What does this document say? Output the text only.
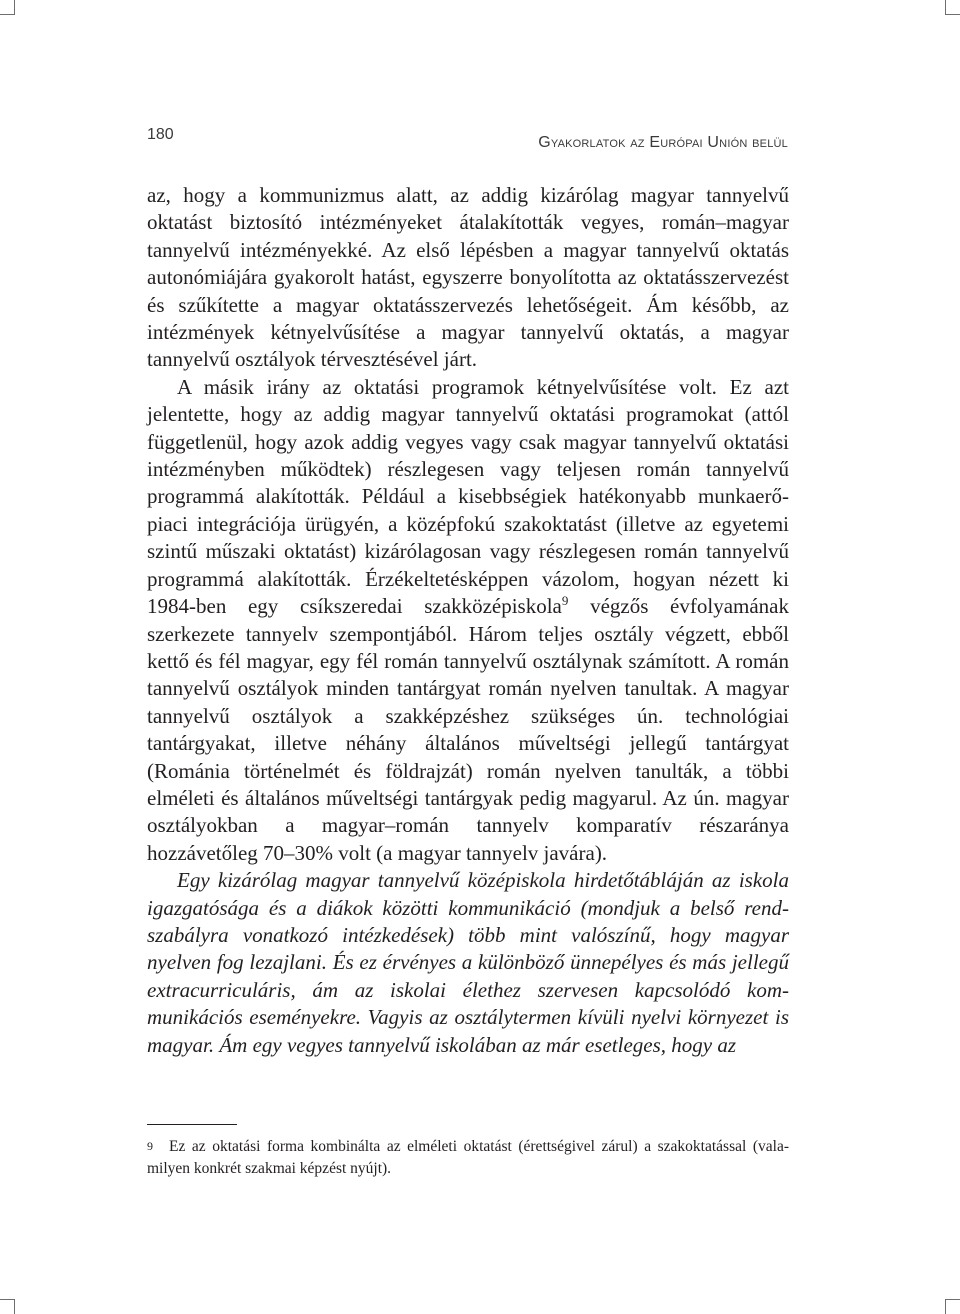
180	Gyakorlatok az Európai Unión belül

az, hogy a kommunizmus alatt, az addig kizárólag magyar tannyelvű oktatást biztosító intézményeket átalakították vegyes, román–magyar tannyelvű intézményekké. Az első lépésben a magyar tannyelvű oktatás autonómiájára gyakorolt hatást, egyszerre bonyolította az oktatásszervezést és szűkítette a magyar oktatásszervezés lehetőségeit. Ám később, az intézmények kétnyelvűsítése a magyar tannyelvű oktatás, a magyar tannyelvű osztályok térvesztésével járt.

A másik irány az oktatási programok kétnyelvűsítése volt. Ez azt jelentette, hogy az addig magyar tannyelvű oktatási programokat (attól függetlenül, hogy azok addig vegyes vagy csak magyar tannyelvű oktatási intézményben működtek) részlegesen vagy teljesen román tannyelvű programmá alakították. Például a kisebbségiek hatékonyabb munkaerő-piaci integrációja ürügyén, a középfokú szakoktatást (illetve az egyetemi szintű műszaki oktatást) kizárólagosan vagy részlegesen román tannyelvű programmá alakították. Érzékeltetésképpen vázolom, hogyan nézett ki 1984-ben egy csíkszeredai szakközépiskola$^9$ végzős évfolyamának szerkezete tannyelv szempontjából. Három teljes osztály végzett, ebből kettő és fél magyar, egy fél román tannyelvű osztálynak számított. A román tannyelvű osztályok minden tantárgyat román nyelven tanultak. A magyar tannyelvű osztályok a szakképzéshez szükséges ún. technológiai tantárgyakat, illetve néhány általános műveltségi jellegű tantárgyat (Románia történelmét és földrajzát) román nyelven tanulták, a többi elméleti és általános műveltségi tantárgyak pedig magyarul. Az ún. magyar osztályokban a magyar–román tannyelv komparatív részaránya hozzávetőleg 70–30% volt (a magyar tannyelv javára).

Egy kizárólag magyar tannyelvű középiskola hirdetőtábláján az iskola igazgatósága és a diákok közötti kommunikáció (mondjuk a belső rendszabályra vonatkozó intézkedések) több mint valószínű, hogy magyar nyelven fog lezajlani. És ez érvényes a különböző ünnepélyes és más jellegű extracurriculáris, ám az iskolai élethez szervesen kapcsolódó kommunikációs eseményekre. Vagyis az osztálytermen kívüli nyelvi környezet is magyar. Ám egy vegyes tannyelvű iskolában az már esetleges, hogy az

9 Ez az oktatási forma kombinálta az elméleti oktatást (érettségivel zárul) a szakoktatással (valamilyen konkrét szakmai képzést nyújt).
